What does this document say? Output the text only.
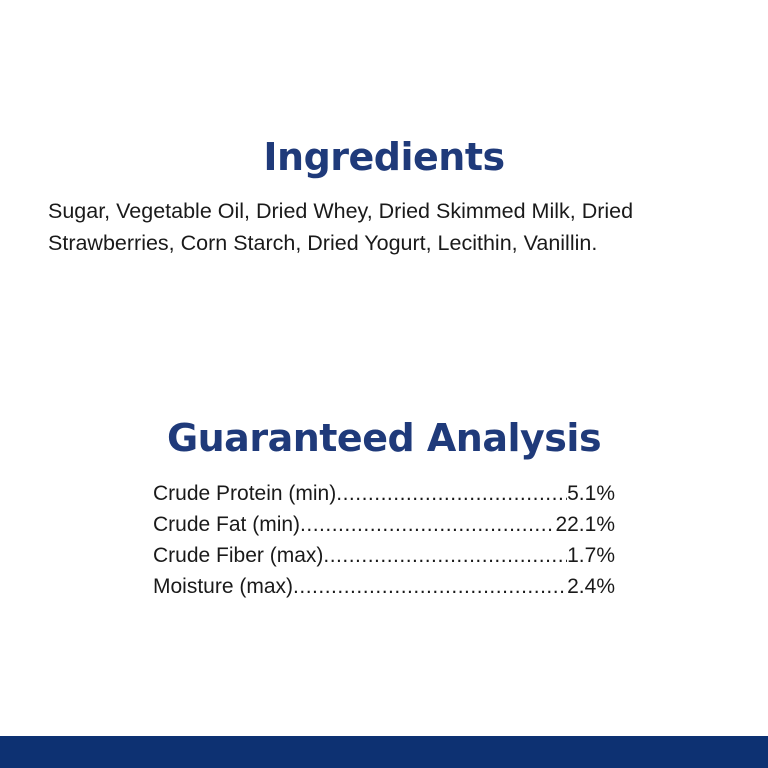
Ingredients

Sugar, Vegetable Oil, Dried Whey, Dried Skimmed Milk, Dried Strawberries, Corn Starch, Dried Yogurt, Lecithin, Vanillin.

Guaranteed Analysis
Crude Protein (min) .....	5.1%
Crude Fat (min) .....	22.1%
Crude Fiber (max) .....	1.7%
Moisture (max) .....	2.4%
